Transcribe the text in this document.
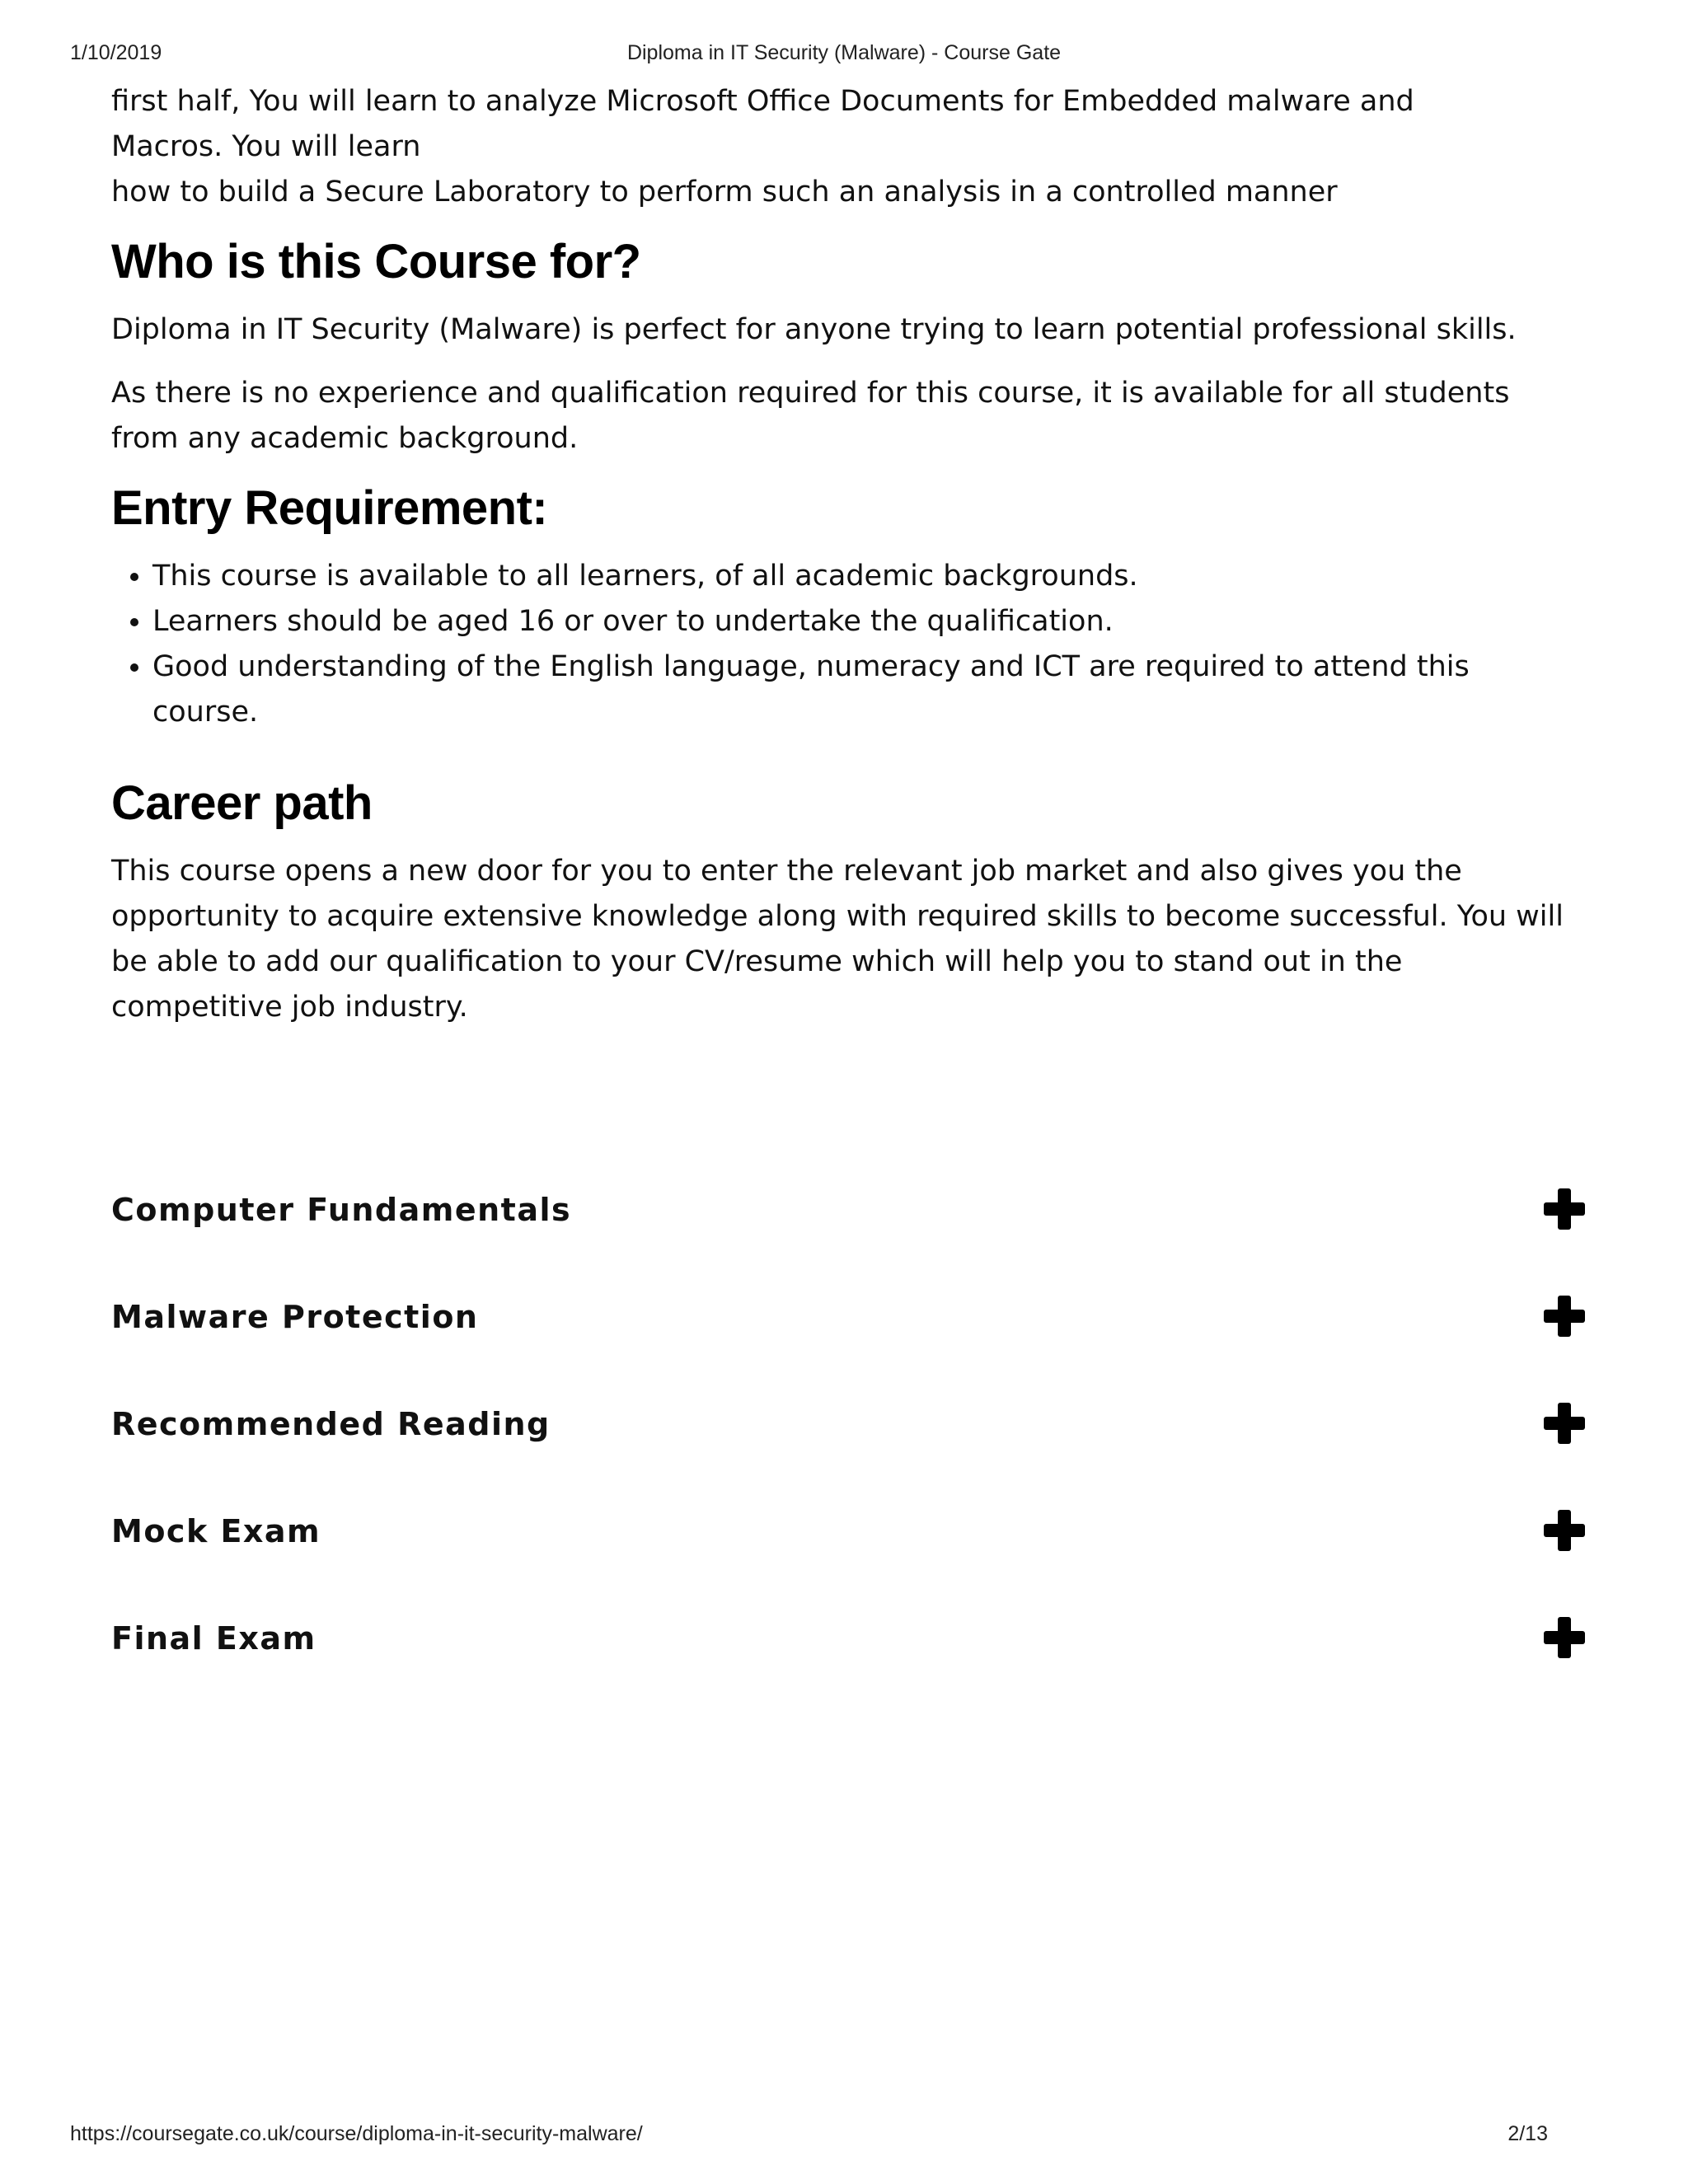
1/10/2019	Diploma in IT Security (Malware) - Course Gate

first half, You will learn to analyze Microsoft Office Documents for Embedded malware and
Macros. You will learn
how to build a Secure Laboratory to perform such an analysis in a controlled manner

Who is this Course for?

Diploma in IT Security (Malware) is perfect for anyone trying to learn potential professional skills.

As there is no experience and qualification required for this course, it is available for all students from any academic background.

Entry Requirement:
• This course is available to all learners, of all academic backgrounds.
• Learners should be aged 16 or over to undertake the qualification.
• Good understanding of the English language, numeracy and ICT are required to attend this course.
Career path

This course opens a new door for you to enter the relevant job market and also gives you the opportunity to acquire extensive knowledge along with required skills to become successful. You will be able to add our qualification to your CV/resume which will help you to stand out in the competitive job industry.

Computer Fundamentals
Malware Protection
Recommended Reading
Mock Exam
Final Exam
https://coursegate.co.uk/course/diploma-in-it-security-malware/	2/13
